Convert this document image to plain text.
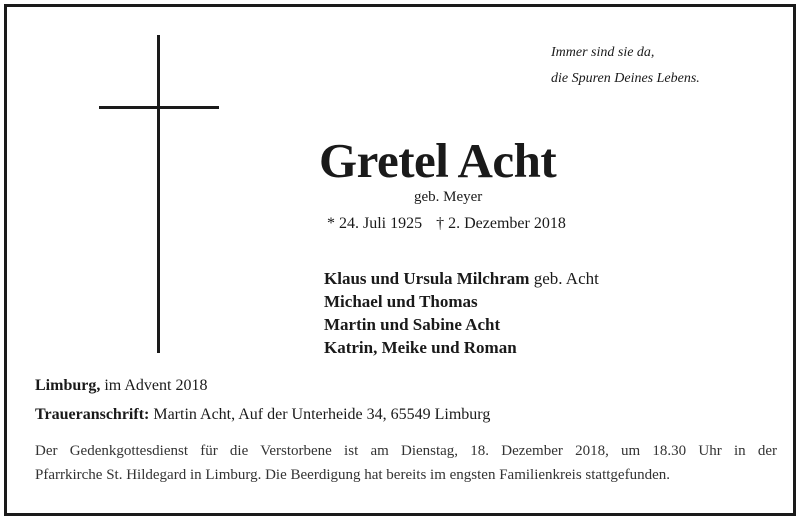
Immer sind sie da,
die Spuren Deines Lebens.
Gretel Acht
geb. Meyer
* 24. Juli 1925 † 2. Dezember 2018
Klaus und Ursula Milchram geb. Acht
Michael und Thomas
Martin und Sabine Acht
Katrin, Meike und Roman
Limburg, im Advent 2018
Traueranschrift: Martin Acht, Auf der Unterheide 34, 65549 Limburg
Der Gedenkgottesdienst für die Verstorbene ist am Dienstag, 18. Dezember 2018, um 18.30 Uhr in der
Pfarrkirche St. Hildegard in Limburg. Die Beerdigung hat bereits im engsten Familienkreis stattgefunden.
